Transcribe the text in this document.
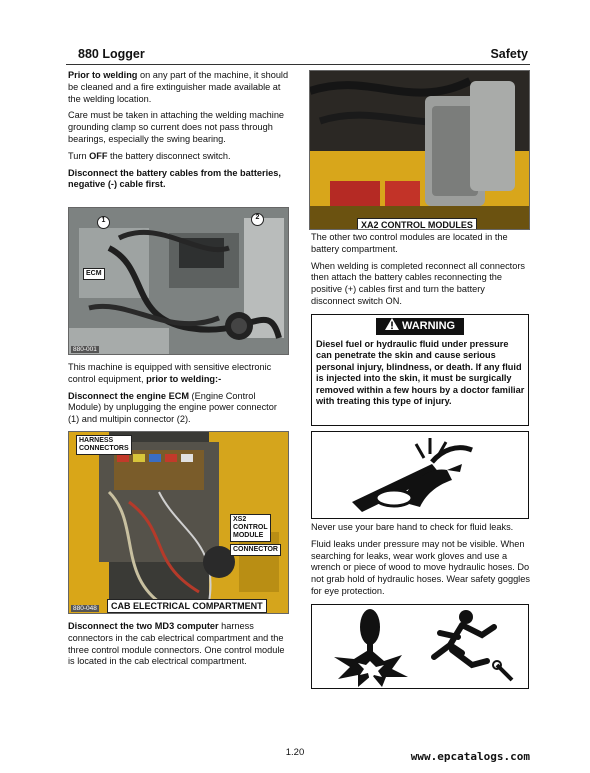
880 Logger	Safety

Prior to welding on any part of the machine, it should be cleaned and a fire extinguisher made available at the welding location.

Care must be taken in attaching the welding machine grounding clamp so current does not pass through bearings, especially the swing bearing.

Turn OFF the battery disconnect switch.

Disconnect the battery cables from the batteries, negative (-) cable first.

1	2
ECM
880-001

This machine is equipped with sensitive electronic control equipment, prior to welding:-

Disconnect the engine ECM (Engine Control Module) by unplugging the engine power connector (1) and multipin connector (2).

HARNESS
CONNECTORS
XS2
CONTROL
MODULE
CONNECTOR
CAB ELECTRICAL COMPARTMENT
880-048

Disconnect the two MD3 computer harness connectors in the cab electrical compartment and the three control module connectors. One control module is located in the cab electrical compartment.

XA2 CONTROL MODULES

The other two control modules are located in the battery compartment.

When welding is completed reconnect all connectors then attach the battery cables reconnecting the positive (+) cables first and turn the battery disconnect switch ON.

WARNING
Diesel fuel or hydraulic fluid under pressure can penetrate the skin and cause serious personal injury, blindness, or death. If any fluid is injected into the skin, it must be surgically removed within a few hours by a doctor familiar with treating this type of injury.

Never use your bare hand to check for fluid leaks.

Fluid leaks under pressure may not be visible. When searching for leaks, wear work gloves and use a wrench or piece of wood to move hydraulic hoses. Do not grab hold of hydraulic hoses. Wear safety goggles for eye protection.

1.20	www.epcatalogs.com
